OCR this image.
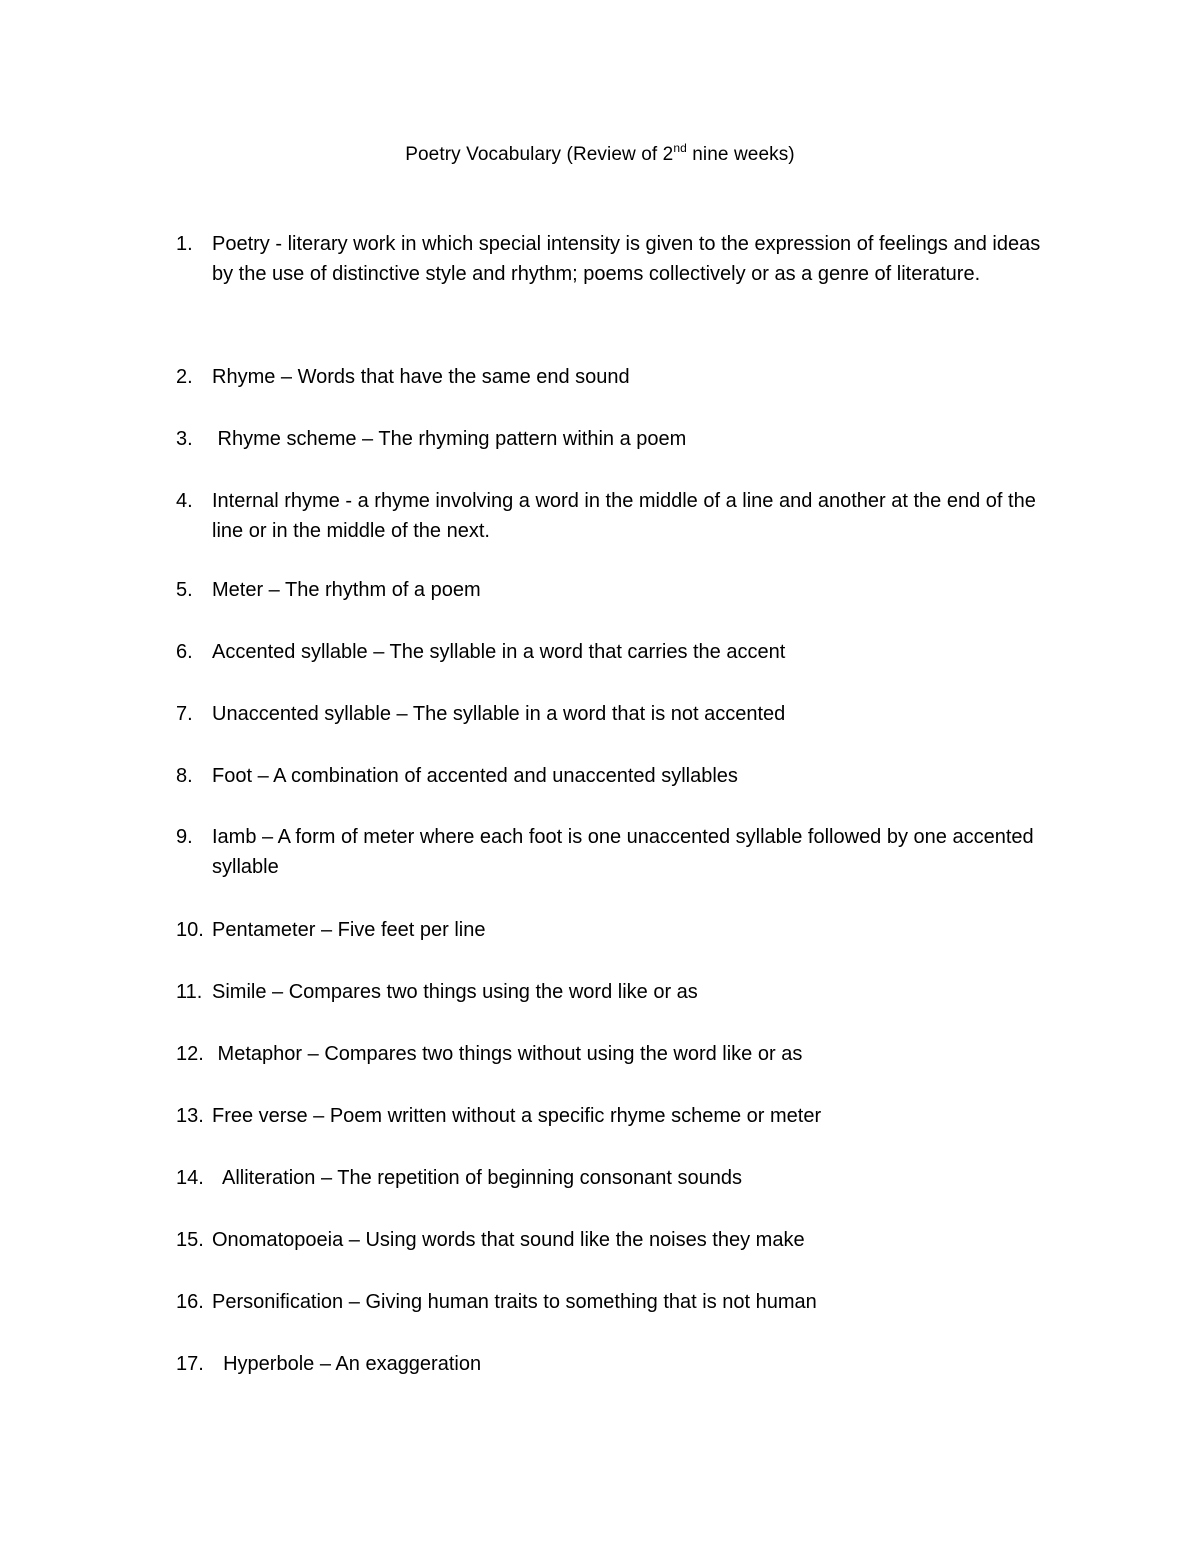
Poetry Vocabulary (Review of 2nd nine weeks)
1. Poetry - literary work in which special intensity is given to the expression of feelings and ideas by the use of distinctive style and rhythm; poems collectively or as a genre of literature.
2. Rhyme – Words that have the same end sound
3. Rhyme scheme – The rhyming pattern within a poem
4. Internal rhyme - a rhyme involving a word in the middle of a line and another at the end of the line or in the middle of the next.
5. Meter – The rhythm of a poem
6. Accented syllable – The syllable in a word that carries the accent
7. Unaccented syllable – The syllable in a word that is not accented
8. Foot – A combination of accented and unaccented syllables
9. Iamb – A form of meter where each foot is one unaccented syllable followed by one accented syllable
10. Pentameter – Five feet per line
11. Simile – Compares two things using the word like or as
12. Metaphor – Compares two things without using the word like or as
13. Free verse – Poem written without a specific rhyme scheme or meter
14. Alliteration – The repetition of beginning consonant sounds
15. Onomatopoeia – Using words that sound like the noises they make
16. Personification – Giving human traits to something that is not human
17. Hyperbole – An exaggeration
